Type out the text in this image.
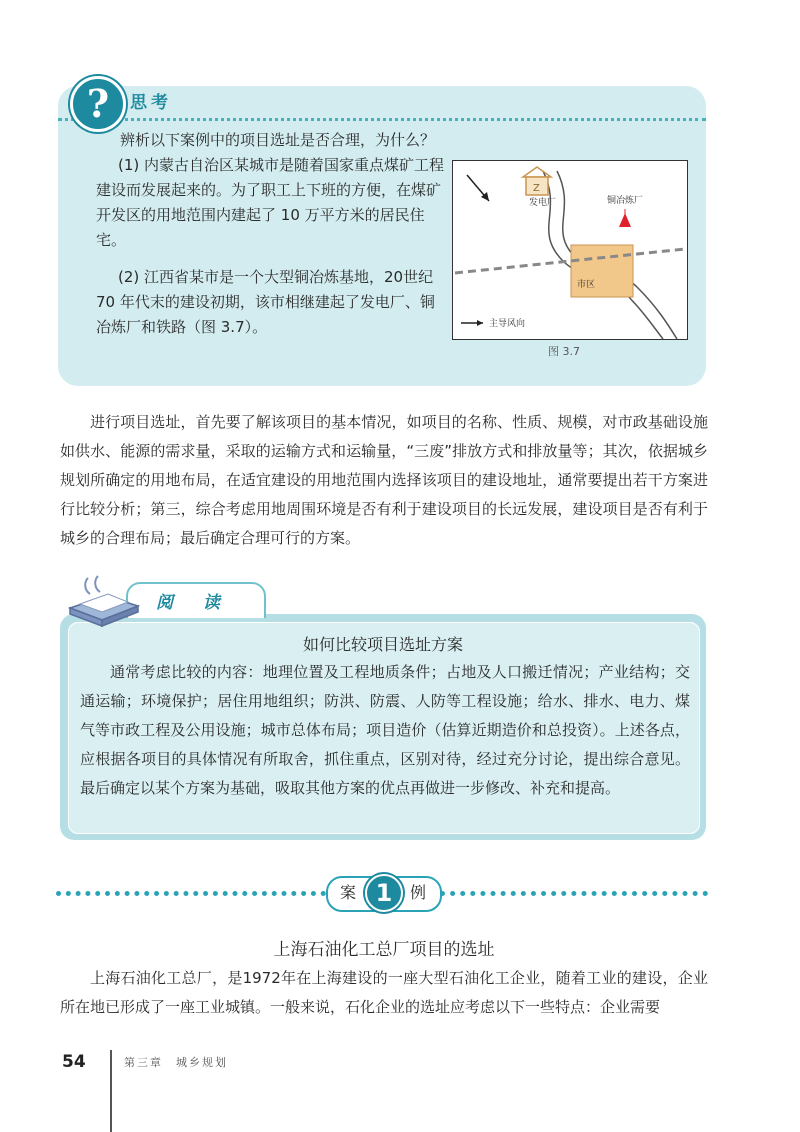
?	思考
辨析以下案例中的项目选址是否合理，为什么？
(1) 内蒙古自治区某城市是随着国家重点煤矿工程建设而发展起来的。为了职工上下班的方便，在煤矿开发区的用地范围内建起了 10 万平方米的居民住宅。
(2) 江西省某市是一个大型铜冶炼基地，20世纪70 年代末的建设初期，该市相继建起了发电厂、铜冶炼厂和铁路（图 3.7）。
Z
发电厂	铜冶炼厂
市区
主导风向
图 3.7
进行项目选址，首先要了解该项目的基本情况，如项目的名称、性质、规模，对市政基础设施如供水、能源的需求量，采取的运输方式和运输量，“三废”排放方式和排放量等；其次，依据城乡规划所确定的用地布局，在适宜建设的用地范围内选择该项目的建设地址，通常要提出若干方案进行比较分析；第三，综合考虑用地周围环境是否有利于建设项目的长远发展，建设项目是否有利于城乡的合理布局；最后确定合理可行的方案。
阅 读
如何比较项目选址方案
通常考虑比较的内容：地理位置及工程地质条件；占地及人口搬迁情况；产业结构；交通运输；环境保护；居住用地组织；防洪、防震、人防等工程设施；给水、排水、电力、煤气等市政工程及公用设施；城市总体布局；项目造价（估算近期造价和总投资）。上述各点，应根据各项目的具体情况有所取舍，抓住重点，区别对待，经过充分讨论，提出综合意见。最后确定以某个方案为基础，吸取其他方案的优点再做进一步修改、补充和提高。
案 1	例
上海石油化工总厂项目的选址
上海石油化工总厂，是1972年在上海建设的一座大型石油化工企业，随着工业的建设，企业所在地已形成了一座工业城镇。一般来说，石化企业的选址应考虑以下一些特点：企业需要
54	第三章　城乡规划
